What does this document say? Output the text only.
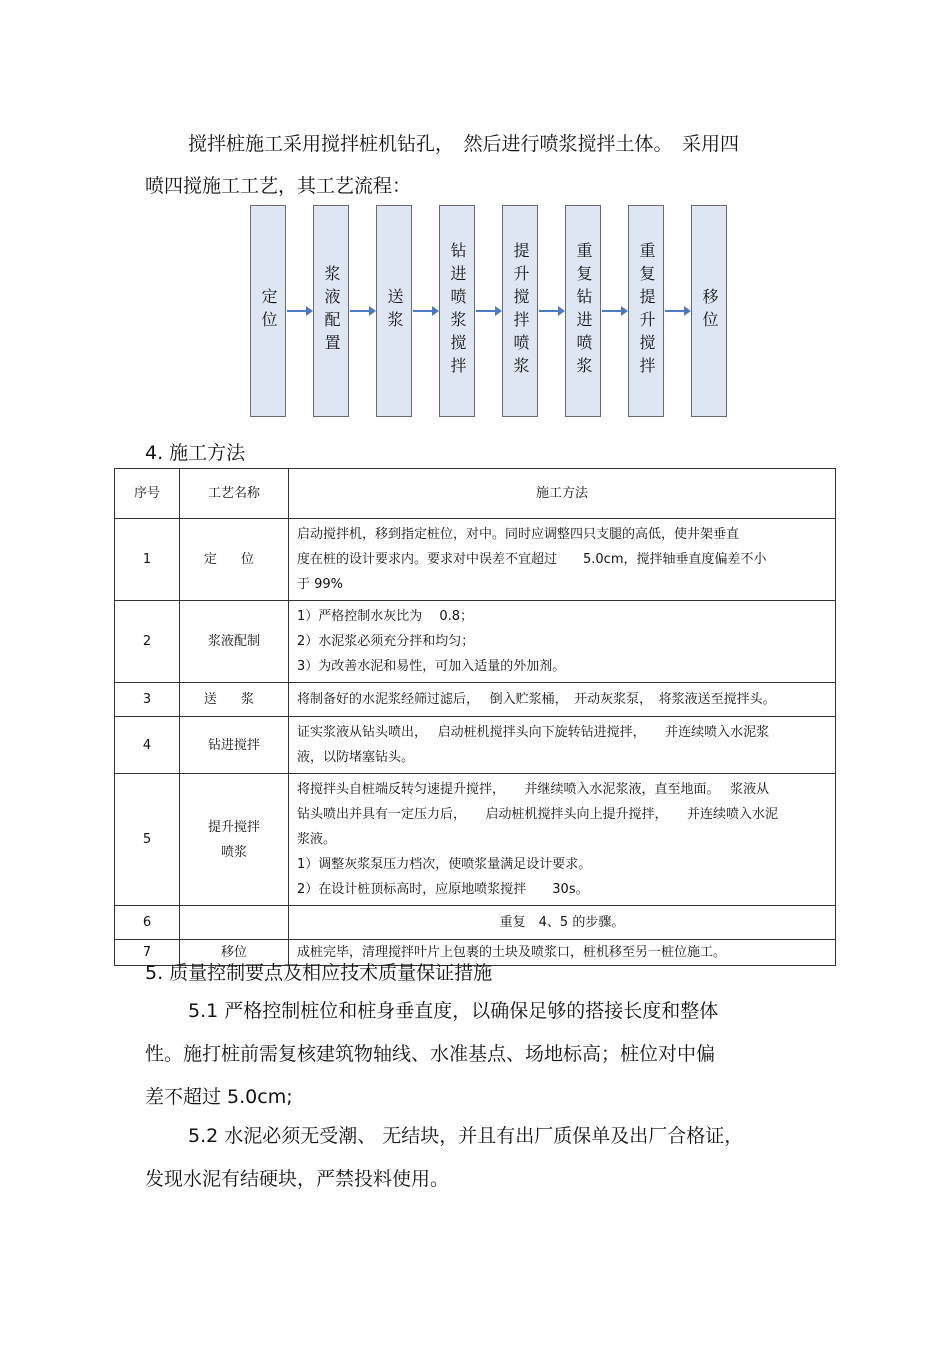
搅拌桩施工采用搅拌桩机钻孔，　然后进行喷浆搅拌土体。　采用四
喷四搅施工工艺，其工艺流程：
定位	浆液配置	送浆	钻进喷浆搅拌	提升搅拌喷浆	重复钻进喷浆	重复提升搅拌	移位
4. 施工方法
序号	工艺名称	施工方法
1	定 位	启动搅拌机，移到指定桩位，对中。同时应调整四只支腿的高低，使井架垂直
度在桩的设计要求内。要求对中误差不宜超过　　5.0cm，搅拌轴垂直度偏差不小
于 99%

2	浆液配制	1）严格控制水灰比为　 0.8；
2）水泥浆必须充分拌和均匀；
3）为改善水泥和易性，可加入适量的外加剂。

3	送 浆	将制备好的水泥浆经筛过滤后，　 倒入贮浆桶，　开动灰浆泵，　将浆液送至搅拌头。

4	钻进搅拌	证实浆液从钻头喷出，　 启动桩机搅拌头向下旋转钻进搅拌，　　并连续喷入水泥浆
液，以防堵塞钻头。

5	提升搅拌喷浆	将搅拌头自桩端反转匀速提升搅拌，　　并继续喷入水泥浆液，直至地面。　 浆液从
钻头喷出并具有一定压力后，　　启动桩机搅拌头向上提升搅拌，　　并连续喷入水泥
浆液。
1）调整灰浆泵压力档次，使喷浆量满足设计要求。
2）在设计桩顶标高时，应原地喷浆搅拌　　30s。

6		重复　4、5 的步骤。

7	移位	成桩完毕，清理搅拌叶片上包裹的土块及喷浆口，桩机移至另一桩位施工。
5. 质量控制要点及相应技术质量保证措施
5.1 严格控制桩位和桩身垂直度，以确保足够的搭接长度和整体
性。施打桩前需复核建筑物轴线、水准基点、场地标高；桩位对中偏
差不超过 5.0cm;
5.2 水泥必须无受潮、 无结块，并且有出厂质保单及出厂合格证，
发现水泥有结硬块，严禁投料使用。
